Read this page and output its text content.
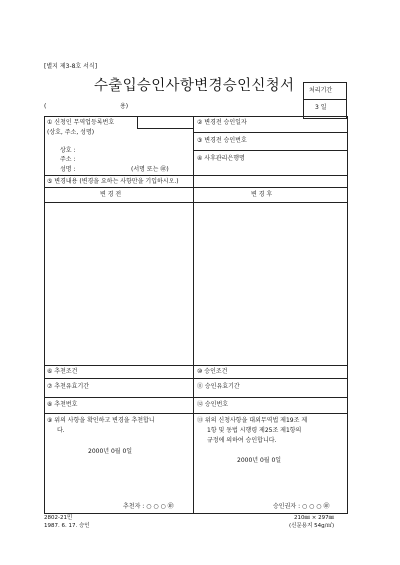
[별지 제3-8호 서식]
수출입승인사항변경승인신청서
(	용)
처리기간
3 일
① 신청인 무역업등록번호
(상호, 주소, 성명)
상호 :
주소 :
성명 :	(서명 또는 ㊞)
② 변경전 승인일자
③ 변경전 승인번호
④ 사후관리은행명
⑤ 변경내용 (변경을 요하는 사항만을 기입하시오.)
변 경 전	변 경 후
⑥ 추천조건	⑩ 승인조건
⑦ 추천유효기간	⑪ 승인유효기간
⑧ 추천번호	⑫ 승인번호
⑨ 위의 사항을 확인하고 변경을 추천합니
다.
2000년 0월 0일
추천자 : ○ ○ ○ ㊞
⑬ 위의 신청사항을 대외무역법 제19조 제
1항 및 동법 시행령 제25조 제1항의
규정에 의하여 승인합니다.
2000년 0월 0일
승인권자 : ○ ○ ○ ㊞
2802-21민
1987. 6. 17. 승인
210㎜ × 297㎜
(신문용지 54g/㎡)
